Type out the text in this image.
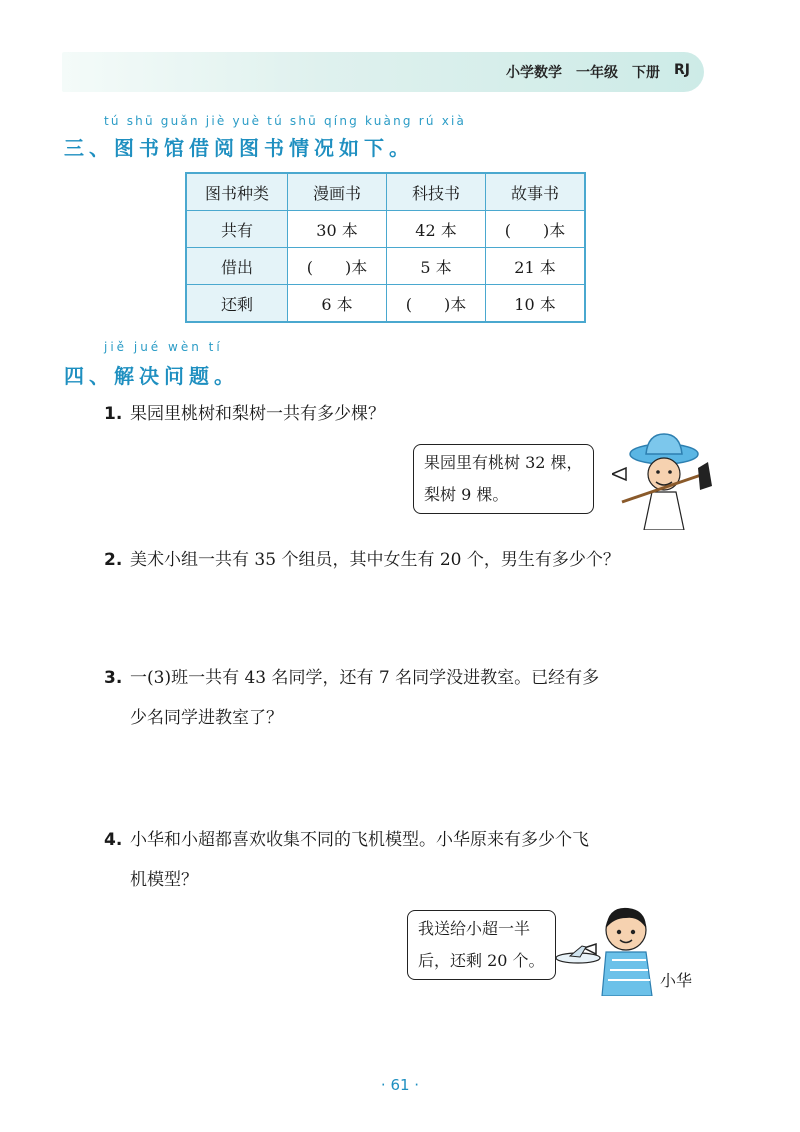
小学数学 一年级 下册 RJ
tú shū guǎn jiè yuè tú shū qíng kuàng rú xià
三、图书馆借阅图书情况如下。
图书种类	漫画书	科技书	故事书
共有	30 本	42 本	(　　)本
借出	(　　)本	5 本	21 本
还剩	6 本	(　　)本	10 本
jiě jué wèn tí
四、解决问题。
1. 果园里桃树和梨树一共有多少棵？
果园里有桃树 32 棵，
梨树 9 棵。
2. 美术小组一共有 35 个组员，其中女生有 20 个，男生有多少个？
3. 一(3)班一共有 43 名同学，还有 7 名同学没进教室。已经有多
少名同学进教室了？
4. 小华和小超都喜欢收集不同的飞机模型。小华原来有多少个飞
机模型？
我送给小超一半
后，还剩 20 个。
小华
· 61 ·
